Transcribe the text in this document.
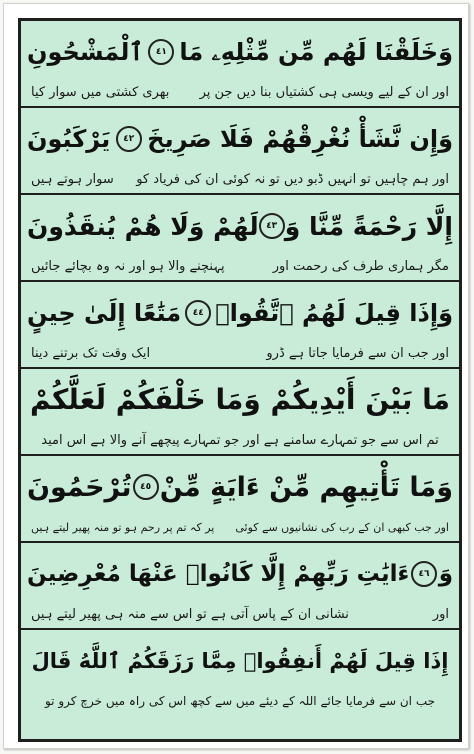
وَخَلَقْنَا لَهُم مِّن مِّثْلِهِۦ مَا
٤١
ٱلْمَشْحُونِ
اور ان کے لیے ویسی ہی کشتیاں بنا دیں جن پر
بھری کشتی میں سوار کیا
وَإِن نَّشَأْ نُغْرِقْهُمْ فَلَا صَرِيخَ
٤٢
يَرْكَبُونَ
اور ہم چاہیں تو انہیں ڈبو دیں تو نہ کوئی ان کی فریاد کو
سوار ہوتے ہیں
إِلَّا رَحْمَةً مِّنَّا وَ
٤٣
لَهُمْ وَلَا هُمْ يُنقَذُونَ
مگر ہماری طرف کی رحمت اور
پہنچنے والا ہو اور نہ وہ بچائے جائیں
وَإِذَا قِيلَ لَهُمُ ٱتَّقُوا۟
٤٤
مَتَٰعًا إِلَىٰ حِينٍ
اور جب ان سے فرمایا جاتا ہے ڈرو
ایک وقت تک برتنے دینا
مَا بَيْنَ أَيْدِيكُمْ وَمَا خَلْفَكُمْ لَعَلَّكُمْ
تم اس سے جو تمہارے سامنے ہے اور جو تمہارے پیچھے آنے والا ہے اس امید
وَمَا تَأْتِيهِم مِّنْ ءَايَةٍ مِّنْ
٤٥
تُرْحَمُونَ
اور جب کبھی ان کے رب کی نشانیوں سے کوئی
پر کہ تم پر رحم ہو تو منہ پھیر لیتے ہیں
وَ
٤٦
ءَايَٰتِ رَبِّهِمْ إِلَّا كَانُوا۟ عَنْهَا مُعْرِضِينَ
اور
نشانی ان کے پاس آتی ہے تو اس سے منہ ہی پھیر لیتے ہیں
إِذَا قِيلَ لَهُمْ أَنفِقُوا۟ مِمَّا رَزَقَكُمُ ٱللَّهُ قَالَ
جب ان سے فرمایا جائے اللہ کے دیئے میں سے کچھ اس کی راہ میں خرچ کرو تو
